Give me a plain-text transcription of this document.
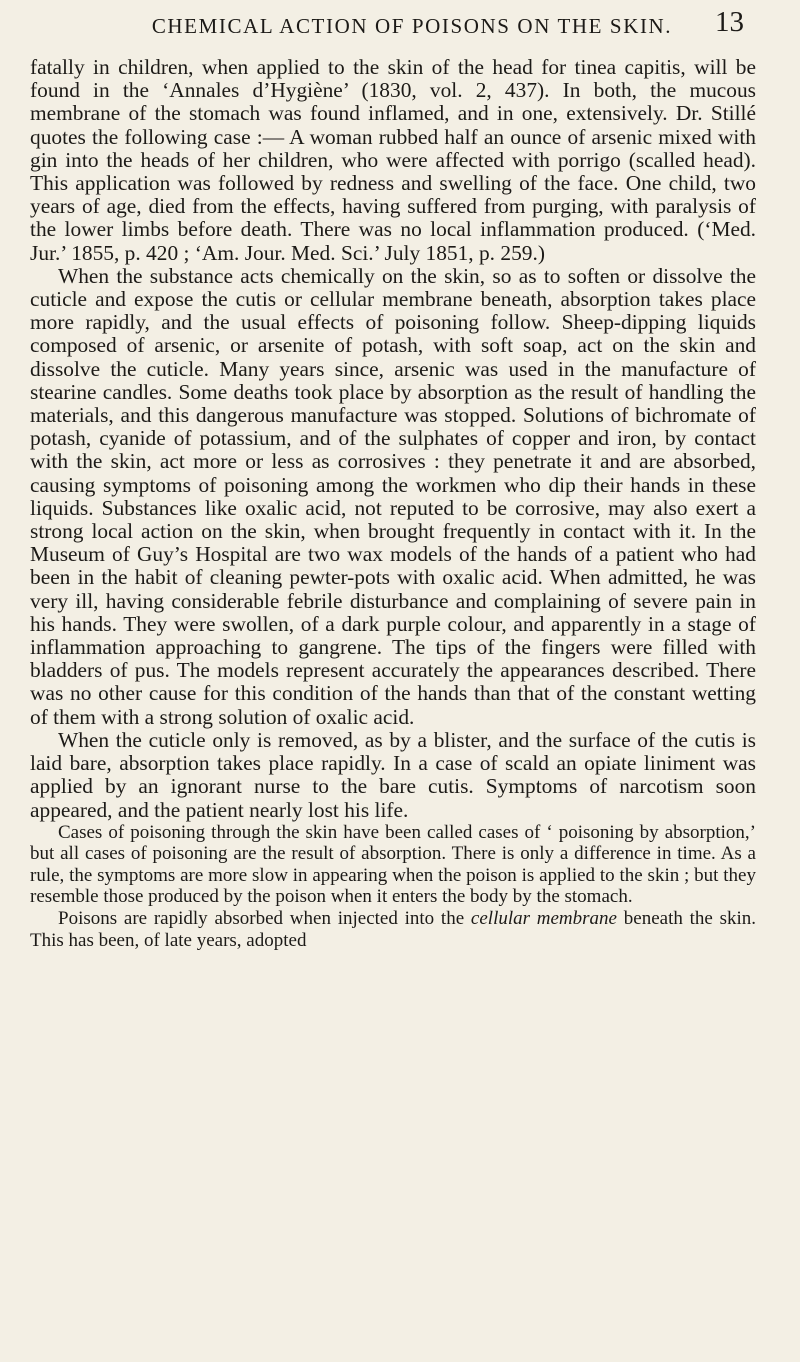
CHEMICAL ACTION OF POISONS ON THE SKIN.	13

fatally in children, when applied to the skin of the head for tinea capitis, will be found in the ‘Annales d’Hygiène’ (1830, vol. 2, 437). In both, the mucous membrane of the stomach was found inflamed, and in one, extensively. Dr. Stillé quotes the following case :— A woman rubbed half an ounce of arsenic mixed with gin into the heads of her children, who were affected with porrigo (scalled head). This application was followed by redness and swelling of the face. One child, two years of age, died from the effects, having suffered from purging, with paralysis of the lower limbs before death. There was no local inflammation produced. (‘Med. Jur.’ 1855, p. 420 ; ‘Am. Jour. Med. Sci.’ July 1851, p. 259.)

When the substance acts chemically on the skin, so as to soften or dissolve the cuticle and expose the cutis or cellular membrane beneath, absorption takes place more rapidly, and the usual effects of poisoning follow. Sheep-dipping liquids composed of arsenic, or arsenite of potash, with soft soap, act on the skin and dissolve the cuticle. Many years since, arsenic was used in the manufacture of stearine candles. Some deaths took place by absorption as the result of handling the materials, and this dangerous manufacture was stopped. Solutions of bichromate of potash, cyanide of potassium, and of the sulphates of copper and iron, by contact with the skin, act more or less as corrosives : they penetrate it and are absorbed, causing symptoms of poisoning among the workmen who dip their hands in these liquids. Substances like oxalic acid, not reputed to be corrosive, may also exert a strong local action on the skin, when brought frequently in contact with it. In the Museum of Guy’s Hospital are two wax models of the hands of a patient who had been in the habit of cleaning pewter-pots with oxalic acid. When admitted, he was very ill, having considerable febrile disturbance and complaining of severe pain in his hands. They were swollen, of a dark purple colour, and apparently in a stage of inflammation approaching to gangrene. The tips of the fingers were filled with bladders of pus. The models represent accurately the appearances described. There was no other cause for this condition of the hands than that of the constant wetting of them with a strong solution of oxalic acid.

When the cuticle only is removed, as by a blister, and the surface of the cutis is laid bare, absorption takes place rapidly. In a case of scald an opiate liniment was applied by an ignorant nurse to the bare cutis. Symptoms of narcotism soon appeared, and the patient nearly lost his life.

Cases of poisoning through the skin have been called cases of ‘ poisoning by absorption,’ but all cases of poisoning are the result of absorption. There is only a difference in time. As a rule, the symptoms are more slow in appearing when the poison is applied to the skin ; but they resemble those produced by the poison when it enters the body by the stomach.

Poisons are rapidly absorbed when injected into the cellular membrane beneath the skin. This has been, of late years, adopted
